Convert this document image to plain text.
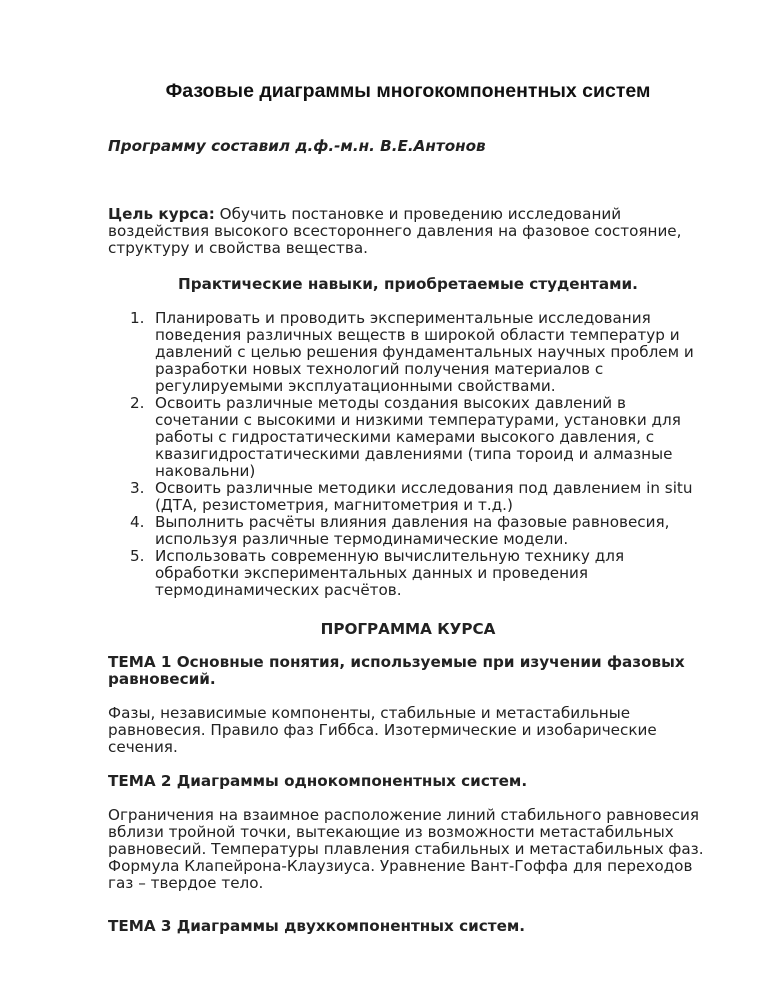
Фазовые диаграммы многокомпонентных систем

Программу составил д.ф.-м.н. В.Е.Антонов

Цель курса: Обучить постановке и проведению исследований воздействия высокого всестороннего давления на фазовое состояние, структуру и свойства вещества.

Практические навыки, приобретаемые студентами.

1. Планировать и проводить экспериментальные исследования поведения различных веществ в широкой области температур и давлений с целью решения фундаментальных научных проблем и разработки новых технологий получения материалов с регулируемыми эксплуатационными свойствами.
2. Освоить различные методы создания высоких давлений в сочетании с высокими и низкими температурами, установки для работы с гидростатическими камерами высокого давления, с квазигидростатическими давлениями (типа тороид и алмазные наковальни)
3. Освоить различные методики исследования под давлением in situ (ДТА, резистометрия, магнитометрия и т.д.)
4. Выполнить расчёты влияния давления на фазовые равновесия, используя различные термодинамические модели.
5. Использовать современную вычислительную технику для обработки экспериментальных данных и проведения термодинамических расчётов.

ПРОГРАММА КУРСА

ТЕМА 1 Основные понятия, используемые при изучении фазовых равновесий.

Фазы, независимые компоненты, стабильные и метастабильные равновесия. Правило фаз Гиббса. Изотермические и изобарические сечения.

ТЕМА 2 Диаграммы однокомпонентных систем.

Ограничения на взаимное расположение линий стабильного равновесия вблизи тройной точки, вытекающие из возможности метастабильных равновесий. Температуры плавления стабильных и метастабильных фаз. Формула Клапейрона-Клаузиуса. Уравнение Вант-Гоффа для переходов газ – твердое тело.

ТЕМА 3 Диаграммы двухкомпонентных систем.
